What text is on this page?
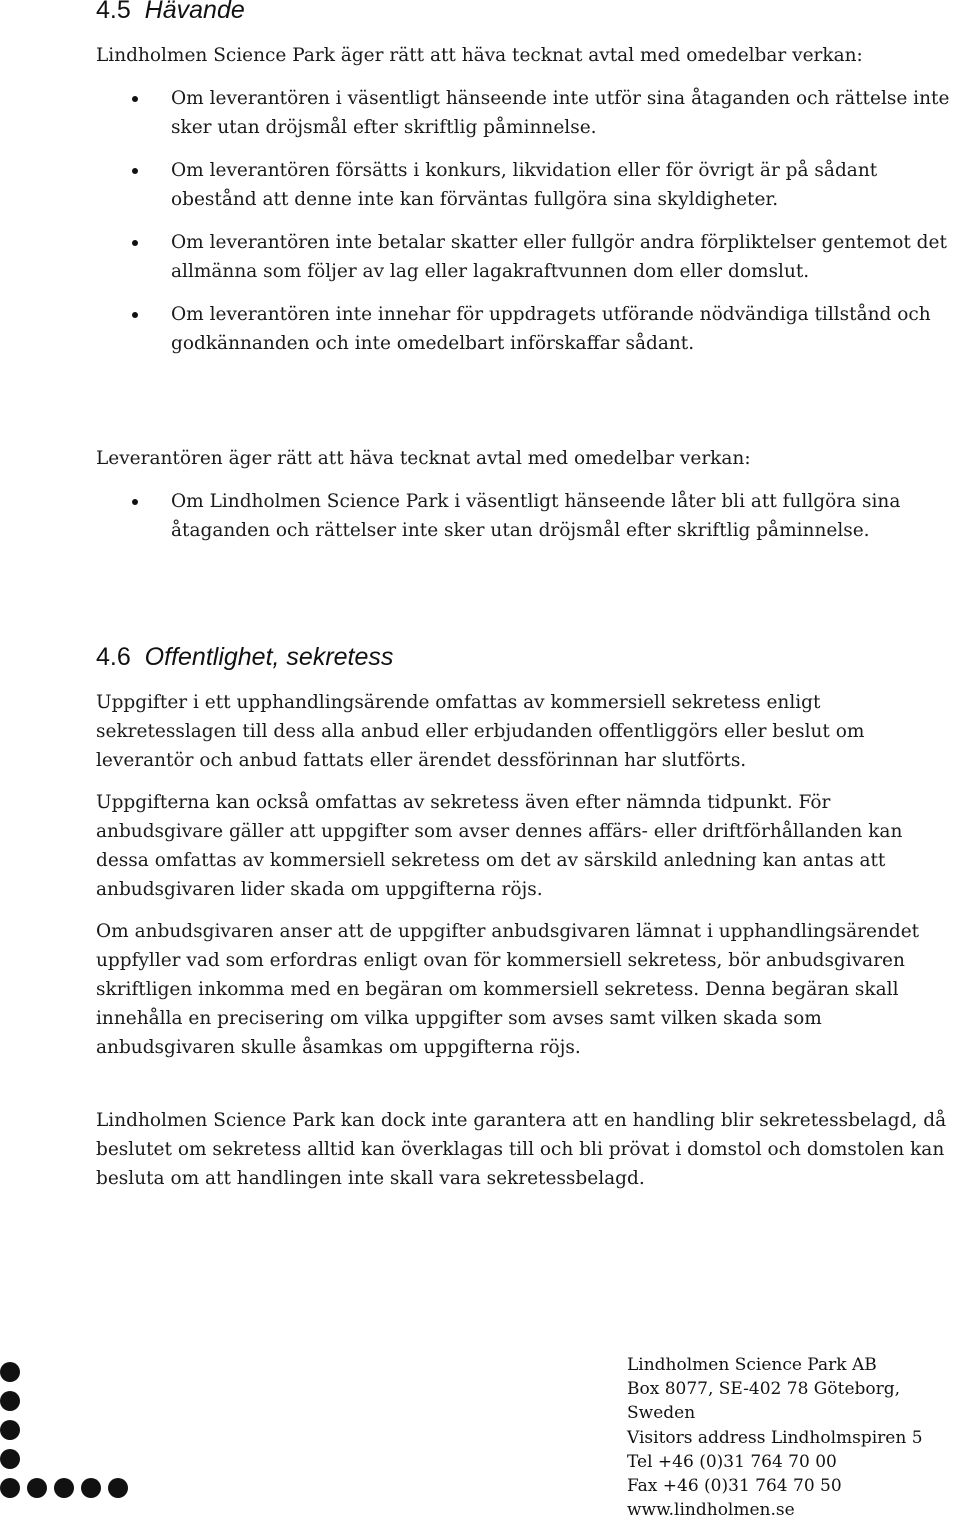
4.5 Hävande

Lindholmen Science Park äger rätt att häva tecknat avtal med omedelbar verkan:

Om leverantören i väsentligt hänseende inte utför sina åtaganden och rättelse inte sker utan dröjsmål efter skriftlig påminnelse.
Om leverantören försätts i konkurs, likvidation eller för övrigt är på sådant obestånd att denne inte kan förväntas fullgöra sina skyldigheter.
Om leverantören inte betalar skatter eller fullgör andra förpliktelser gentemot det allmänna som följer av lag eller lagakraftvunnen dom eller domslut.
Om leverantören inte innehar för uppdragets utförande nödvändiga tillstånd och godkännanden och inte omedelbart införskaffar sådant.

Leverantören äger rätt att häva tecknat avtal med omedelbar verkan:

Om Lindholmen Science Park i väsentligt hänseende låter bli att fullgöra sina åtaganden och rättelser inte sker utan dröjsmål efter skriftlig påminnelse.
4.6 Offentlighet, sekretess

Uppgifter i ett upphandlingsärende omfattas av kommersiell sekretess enligt sekretesslagen till dess alla anbud eller erbjudanden offentliggörs eller beslut om leverantör och anbud fattats eller ärendet dessförinnan har slutförts.

Uppgifterna kan också omfattas av sekretess även efter nämnda tidpunkt. För anbudsgivare gäller att uppgifter som avser dennes affärs- eller driftförhållanden kan dessa omfattas av kommersiell sekretess om det av särskild anledning kan antas att anbudsgivaren lider skada om uppgifterna röjs.

Om anbudsgivaren anser att de uppgifter anbudsgivaren lämnat i upphandlingsärendet uppfyller vad som erfordras enligt ovan för kommersiell sekretess, bör anbudsgivaren skriftligen inkomma med en begäran om kommersiell sekretess. Denna begäran skall innehålla en precisering om vilka uppgifter som avses samt vilken skada som anbudsgivaren skulle åsamkas om uppgifterna röjs.

Lindholmen Science Park kan dock inte garantera att en handling blir sekretessbelagd, då beslutet om sekretess alltid kan överklagas till och bli prövat i domstol och domstolen kan besluta om att handlingen inte skall vara sekretessbelagd.

Lindholmen Science Park AB
Box 8077, SE-402 78 Göteborg,
Sweden
Visitors address Lindholmspiren 5
Tel +46 (0)31 764 70 00
Fax +46 (0)31 764 70 50
www.lindholmen.se
